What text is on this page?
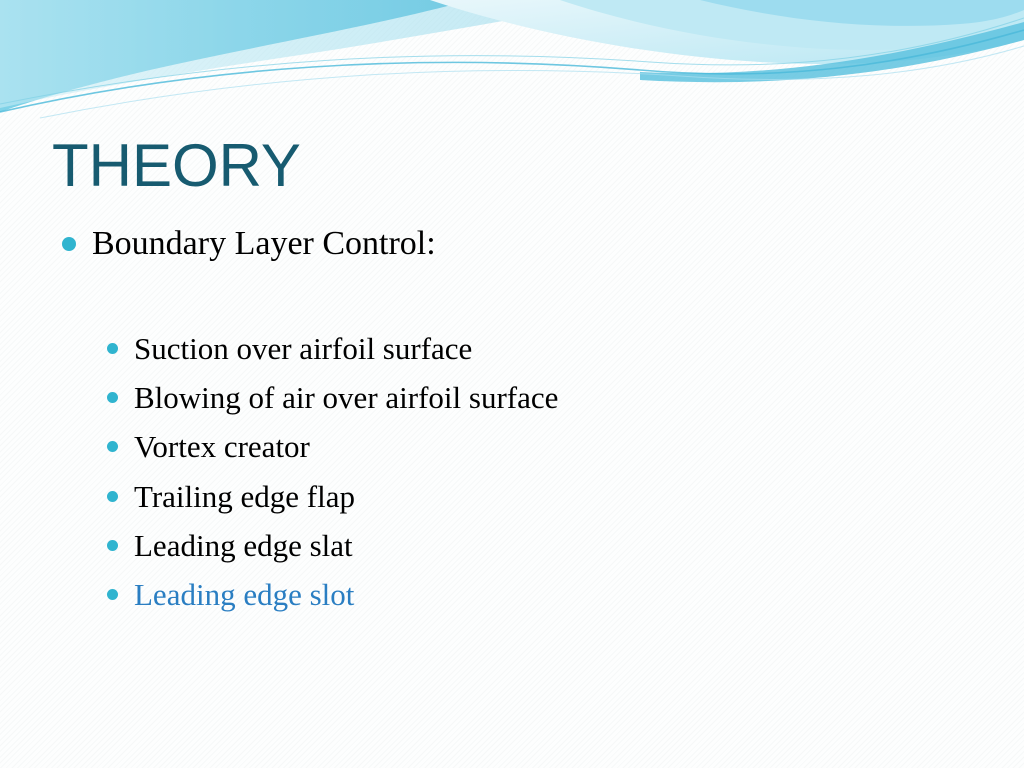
THEORY
Boundary Layer Control:
Suction over airfoil surface
Blowing of air over airfoil surface
Vortex creator
Trailing edge flap
Leading edge slat
Leading edge slot
